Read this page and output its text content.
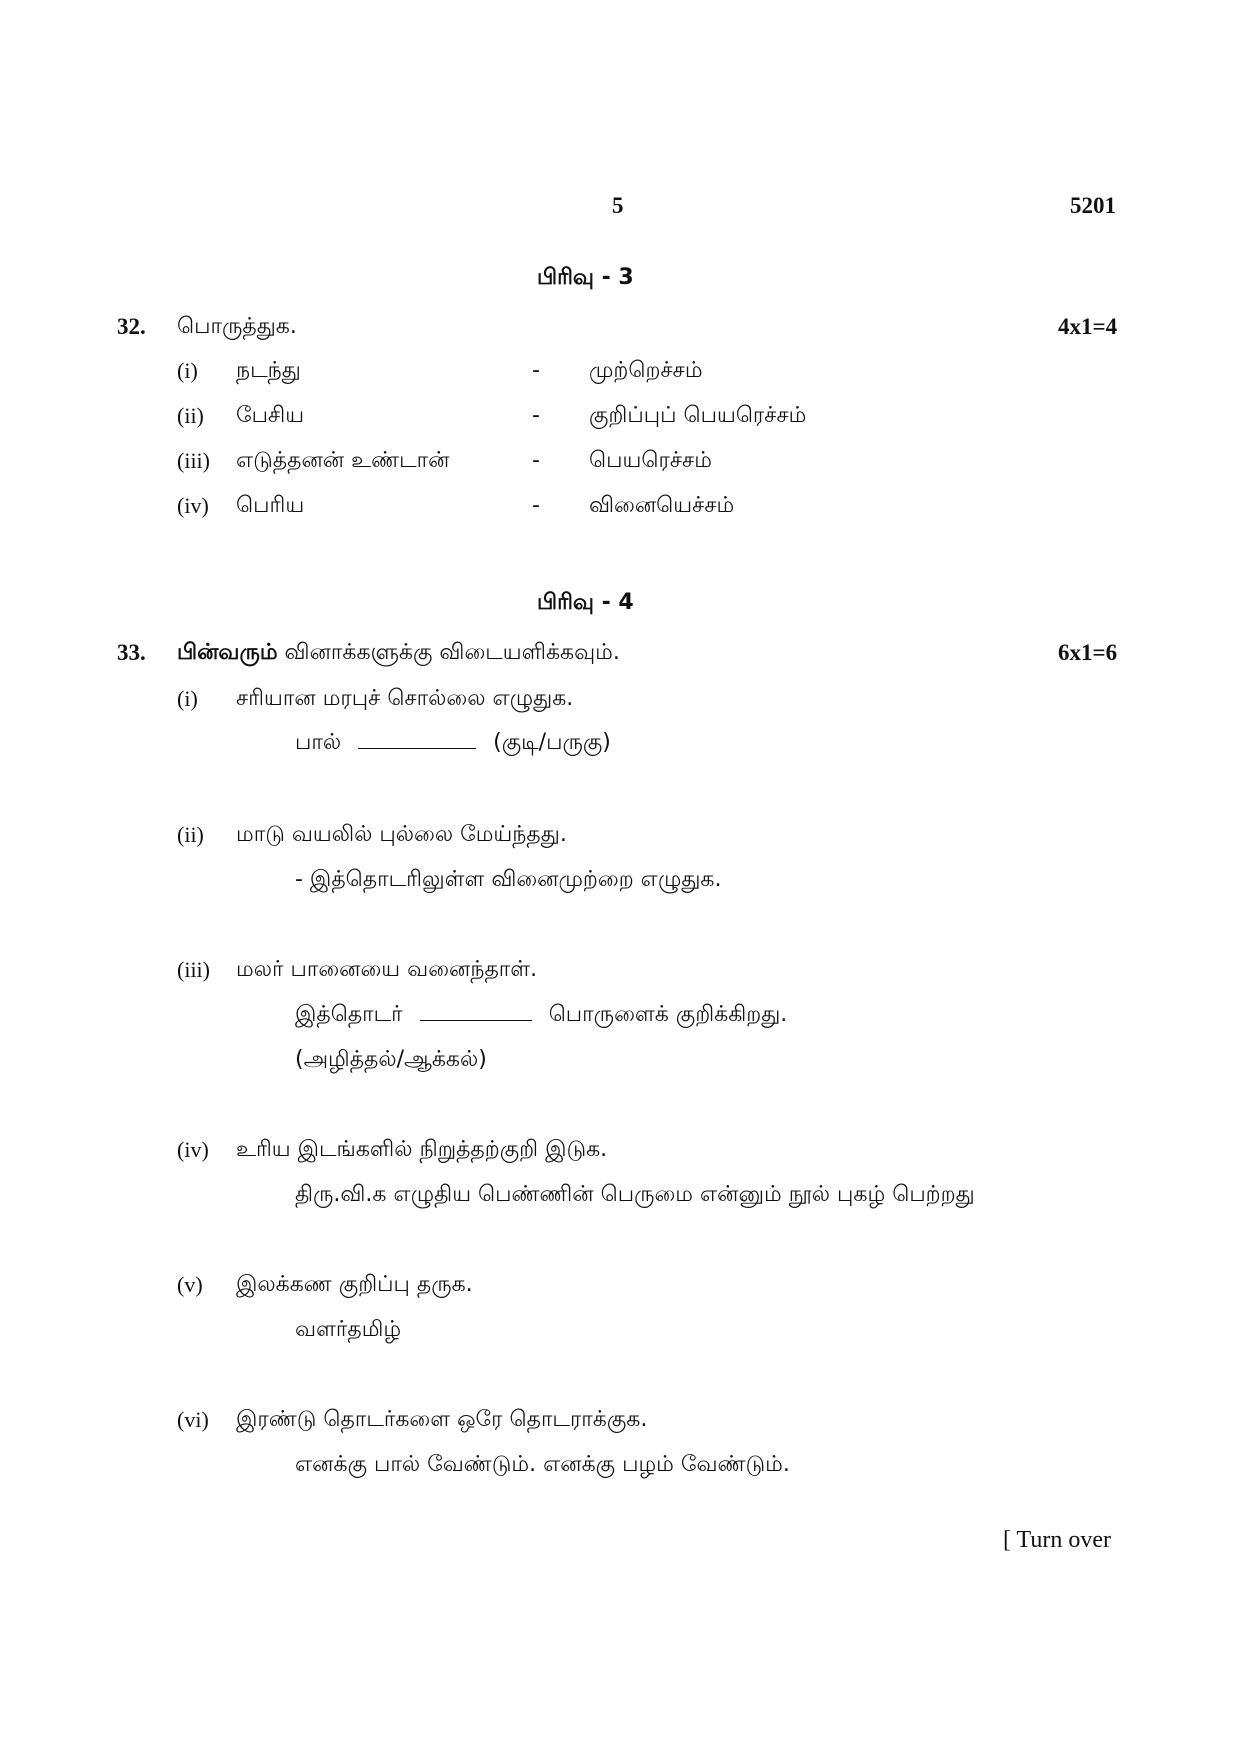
5	5201
பிரிவு - 3
32. பொருத்துக.	4x1=4
(i) நடந்து	- முற்றெச்சம்
(ii) பேசிய	- குறிப்புப் பெயரெச்சம்
(iii) எடுத்தனன் உண்டான்	- பெயரெச்சம்
(iv) பெரிய	- வினையெச்சம்
பிரிவு - 4
33. பின்வரும் வினாக்களுக்கு விடையளிக்கவும்.	6x1=6
(i) சரியான மரபுச் சொல்லை எழுதுக.
பால்	(குடி/பருகு)
(ii) மாடு வயலில் புல்லை மேய்ந்தது.
- இத்தொடரிலுள்ள வினைமுற்றை எழுதுக.
(iii) மலர் பானையை வனைந்தாள்.
இத்தொடர்	பொருளைக் குறிக்கிறது.
(அழித்தல்/ஆக்கல்)
(iv) உரிய இடங்களில் நிறுத்தற்குறி இடுக.
திரு.வி.க எழுதிய பெண்ணின் பெருமை என்னும் நூல் புகழ் பெற்றது
(v) இலக்கண குறிப்பு தருக.
வளர்தமிழ்
(vi) இரண்டு தொடர்களை ஒரே தொடராக்குக.
எனக்கு பால் வேண்டும். எனக்கு பழம் வேண்டும்.
[ Turn over
